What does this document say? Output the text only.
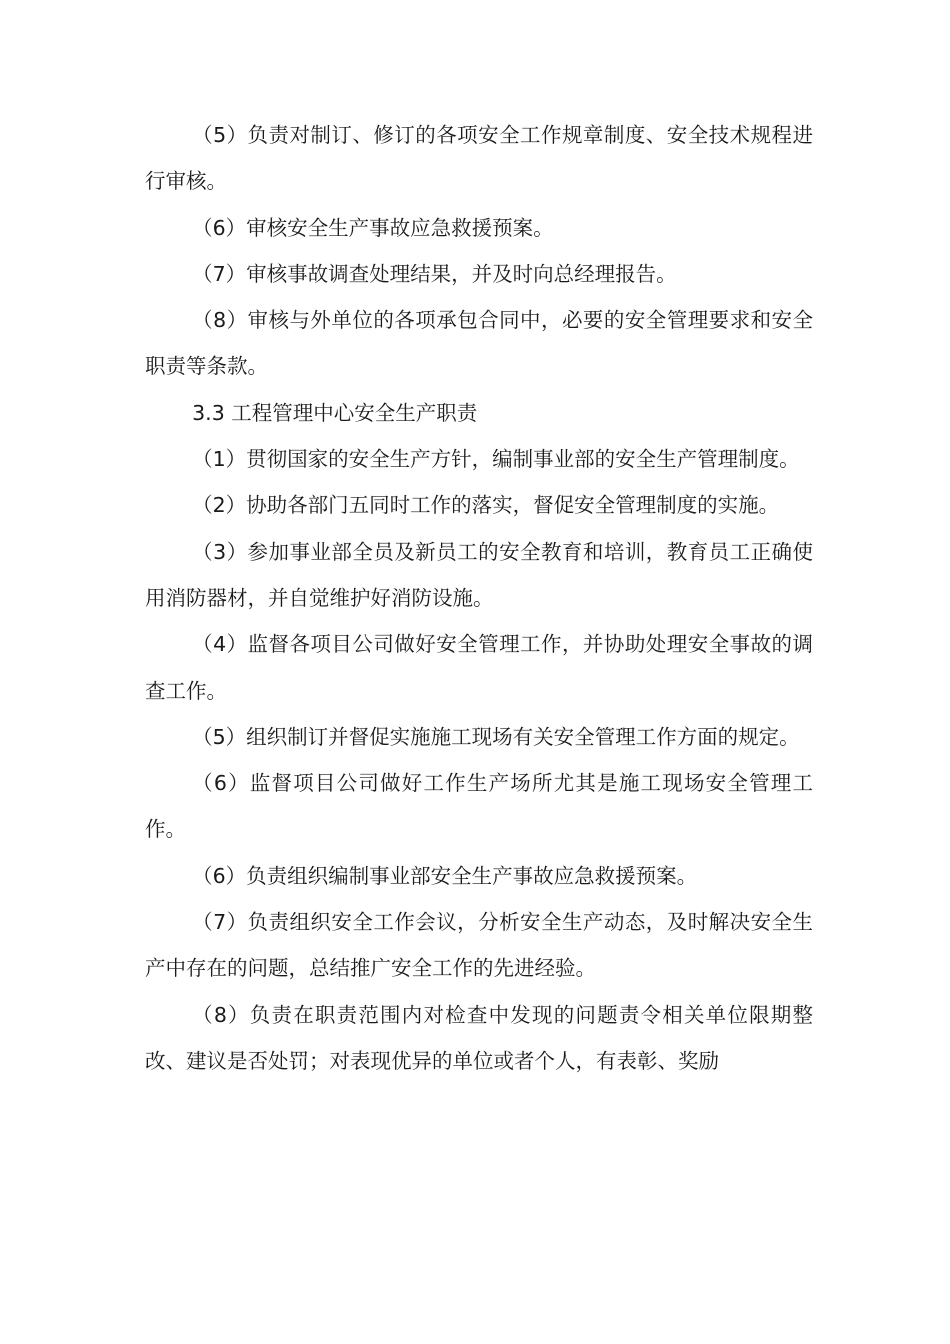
（5）负责对制订、修订的各项安全工作规章制度、安全技术规程进行审核。

（6）审核安全生产事故应急救援预案。

（7）审核事故调查处理结果，并及时向总经理报告。

（8）审核与外单位的各项承包合同中，必要的安全管理要求和安全职责等条款。

3.3 工程管理中心安全生产职责

（1）贯彻国家的安全生产方针，编制事业部的安全生产管理制度。

（2）协助各部门五同时工作的落实，督促安全管理制度的实施。

（3）参加事业部全员及新员工的安全教育和培训，教育员工正确使用消防器材，并自觉维护好消防设施。

（4）监督各项目公司做好安全管理工作，并协助处理安全事故的调查工作。

（5）组织制订并督促实施施工现场有关安全管理工作方面的规定。

（6）监督项目公司做好工作生产场所尤其是施工现场安全管理工作。

（6）负责组织编制事业部安全生产事故应急救援预案。

（7）负责组织安全工作会议，分析安全生产动态，及时解决安全生产中存在的问题，总结推广安全工作的先进经验。

（8）负责在职责范围内对检查中发现的问题责令相关单位限期整改、建议是否处罚；对表现优异的单位或者个人，有表彰、奖励
